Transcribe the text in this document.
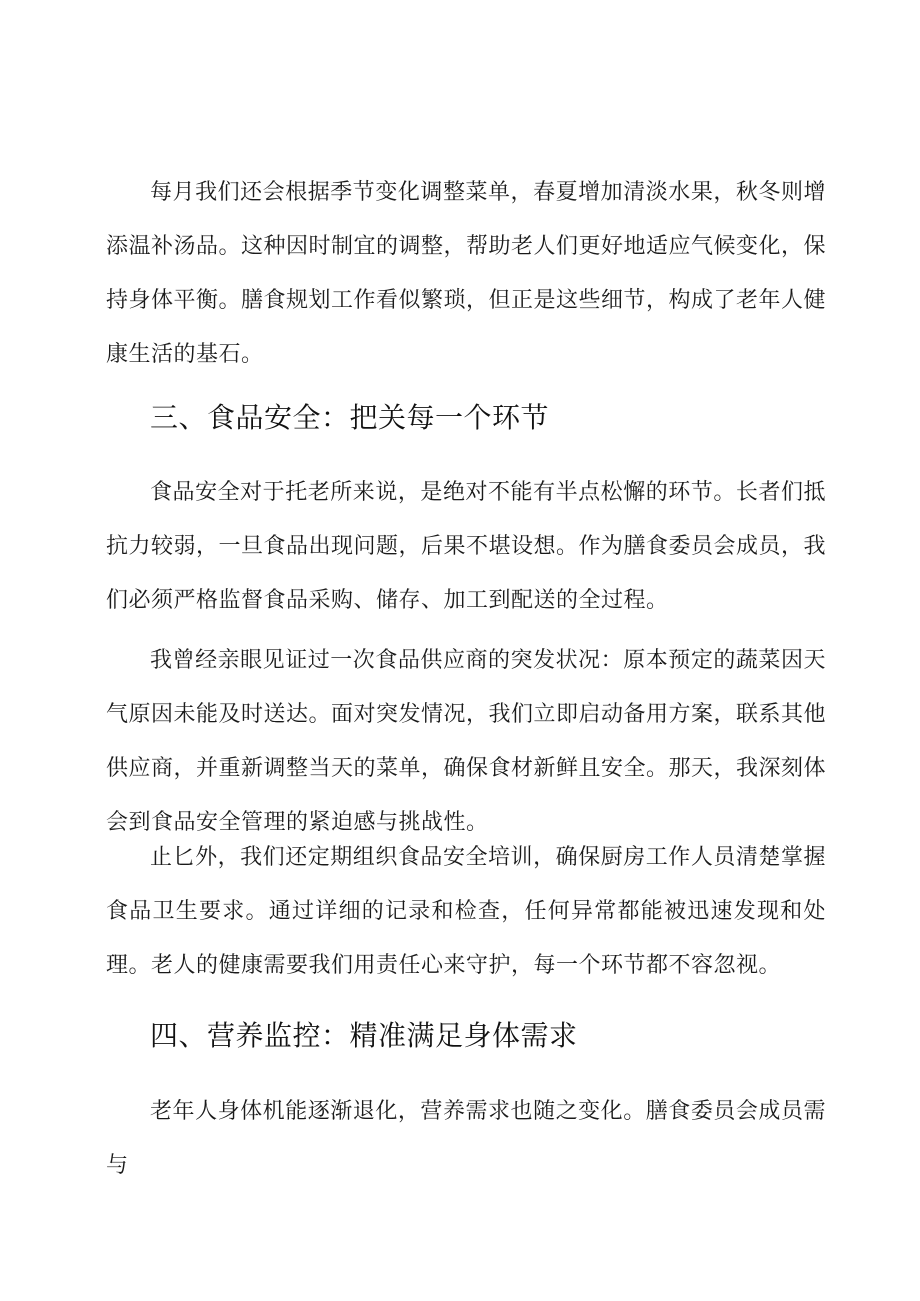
每月我们还会根据季节变化调整菜单，春夏增加清淡水果，秋冬则增添温补汤品。这种因时制宜的调整，帮助老人们更好地适应气候变化，保持身体平衡。膳食规划工作看似繁琐，但正是这些细节，构成了老年人健康生活的基石。

三、食品安全：把关每一个环节

食品安全对于托老所来说，是绝对不能有半点松懈的环节。长者们抵抗力较弱，一旦食品出现问题，后果不堪设想。作为膳食委员会成员，我们必须严格监督食品采购、储存、加工到配送的全过程。

我曾经亲眼见证过一次食品供应商的突发状况：原本预定的蔬菜因天气原因未能及时送达。面对突发情况，我们立即启动备用方案，联系其他供应商，并重新调整当天的菜单，确保食材新鲜且安全。那天，我深刻体会到食品安全管理的紧迫感与挑战性。

止匕外，我们还定期组织食品安全培训，确保厨房工作人员清楚掌握食品卫生要求。通过详细的记录和检查，任何异常都能被迅速发现和处理。老人的健康需要我们用责任心来守护，每一个环节都不容忽视。

四、营养监控：精准满足身体需求

老年人身体机能逐渐退化，营养需求也随之变化。膳食委员会成员需与
